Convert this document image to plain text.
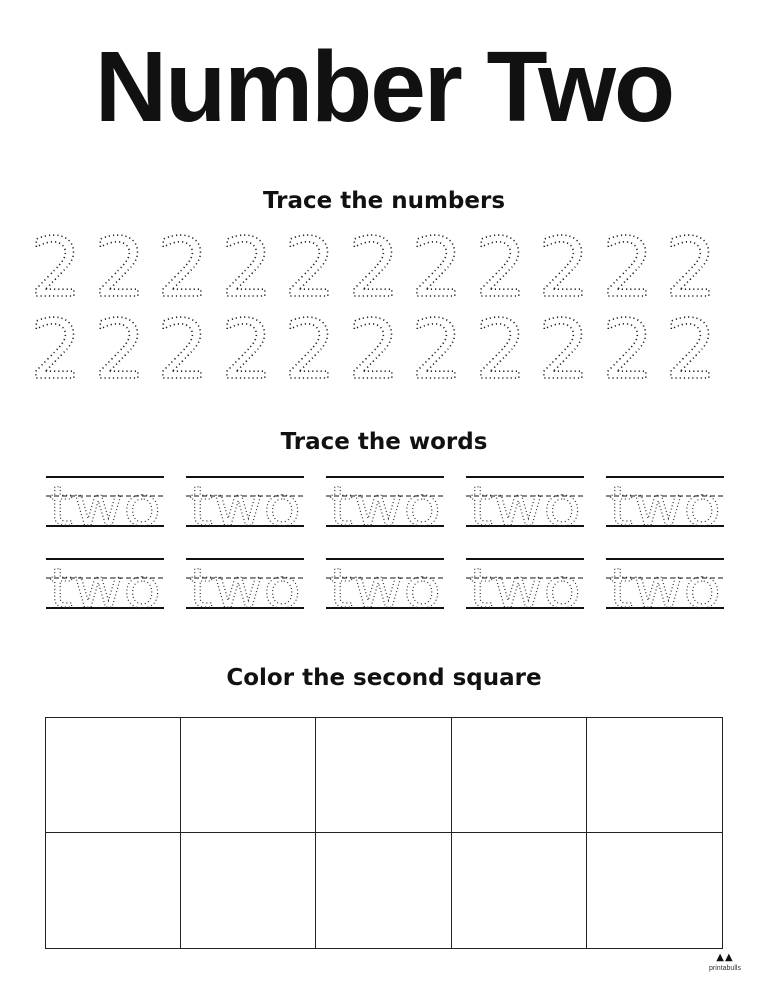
Number Two
Trace the numbers
2 2 2 2 2 2 2 2 2 2 2
2 2 2 2 2 2 2 2 2 2 2
Trace the words
two two two two two
two two two two two
Color the second square
▲▲
printabulls
